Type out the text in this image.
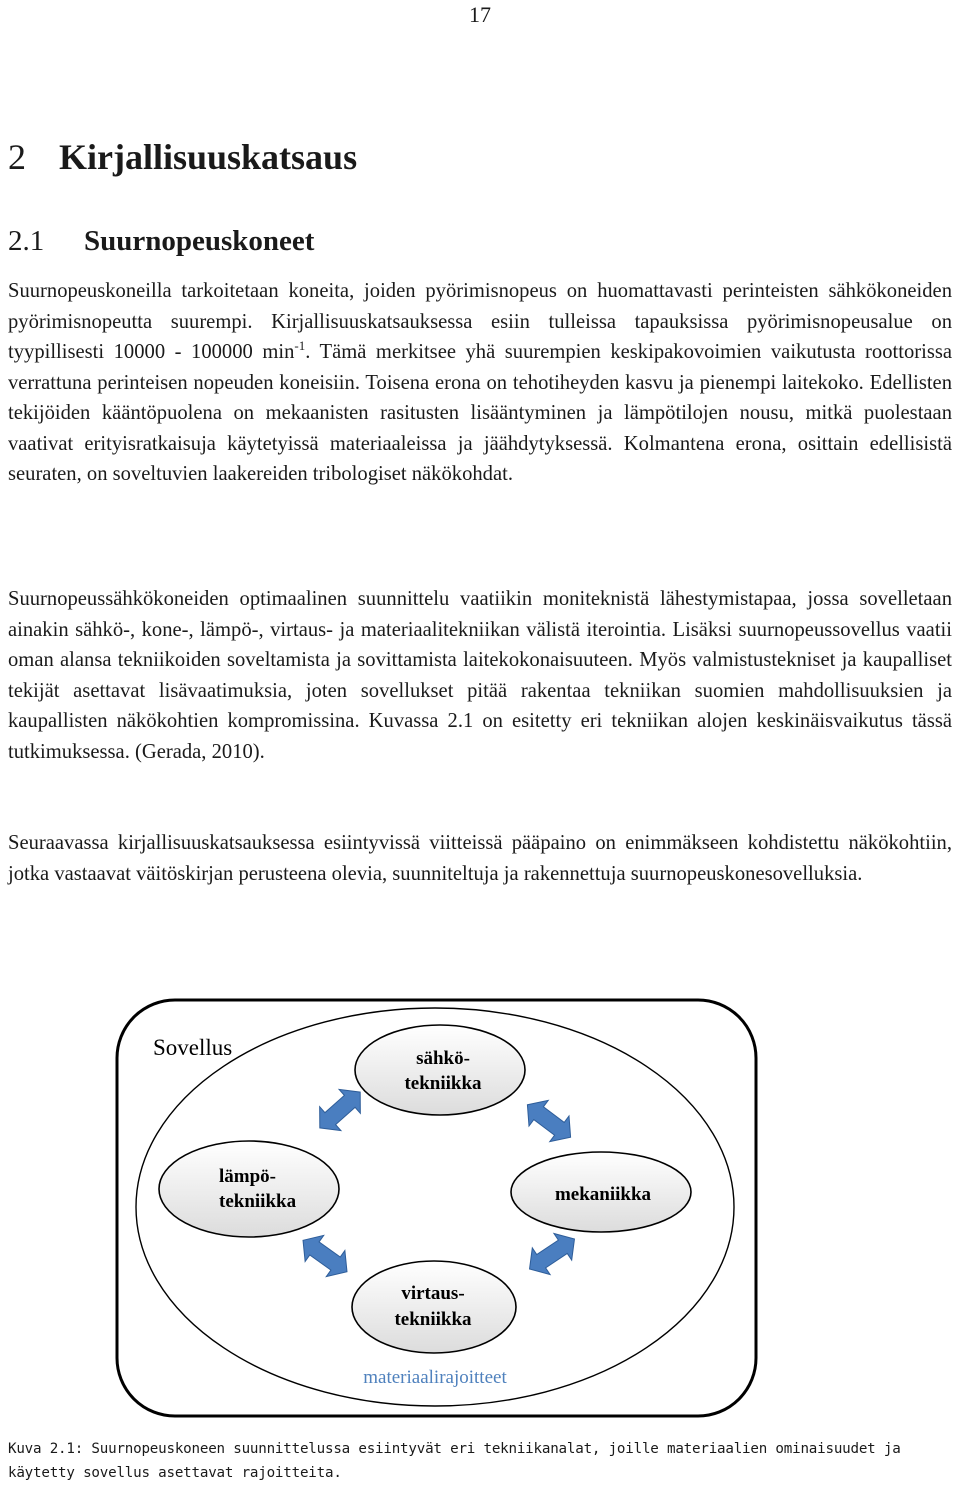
17
2 Kirjallisuuskatsaus
2.1 Suurnopeuskoneet
Suurnopeuskoneilla tarkoitetaan koneita, joiden pyörimisnopeus on huomattavasti perinteisten sähkökoneiden pyörimisnopeutta suurempi. Kirjallisuuskatsauksessa esiin tulleissa tapauksissa pyörimisnopeusalue on tyypillisesti 10000 - 100000 $\min^{-1}$. Tämä merkitsee yhä suurempien keskipakovoimien vaikutusta roottorissa verrattuna perinteisen nopeuden koneisiin. Toisena erona on tehotiheyden kasvu ja pienempi laitekoko. Edellisten tekijöiden kääntöpuolena on mekaanisten rasitusten lisääntyminen ja lämpötilojen nousu, mitkä puolestaan vaativat erityisratkaisuja käytetyissä materiaaleissa ja jäähdytyksessä. Kolmantena erona, osittain edellisistä seuraten, on soveltuvien laakereiden tribologiset näkökohdat.
Suurnopeussähkökoneiden optimaalinen suunnittelu vaatiikin moniteknistä lähestymistapaa, jossa sovelletaan ainakin sähkö-, kone-, lämpö-, virtaus- ja materiaalitekniikan välistä iterointia. Lisäksi suurnopeussovellus vaatii oman alansa tekniikoiden soveltamista ja sovittamista laitekokonaisuuteen. Myös valmistustekniset ja kaupalliset tekijät asettavat lisävaatimuksia, joten sovellukset pitää rakentaa tekniikan suomien mahdollisuuksien ja kaupallisten näkökohtien kompromissina. Kuvassa 2.1 on esitetty eri tekniikan alojen keskinäisvaikutus tässä tutkimuksessa. (Gerada, 2010).
Seuraavassa kirjallisuuskatsauksessa esiintyvissä viitteissä pääpaino on enimmäkseen kohdistettu näkökohtiin, jotka vastaavat väitöskirjan perusteena olevia, suunniteltuja ja rakennettuja suurnopeuskonesovelluksia.
Sovellus	sähkö-
tekniikka
lämpö-
tekniikka	mekaniikka
virtaus-
tekniikka
materiaalirajoitteet
Kuva 2.1: Suurnopeuskoneen suunnittelussa esiintyvät eri tekniikanalat, joille materiaalien ominaisuudet ja käytetty sovellus asettavat rajoitteita.
